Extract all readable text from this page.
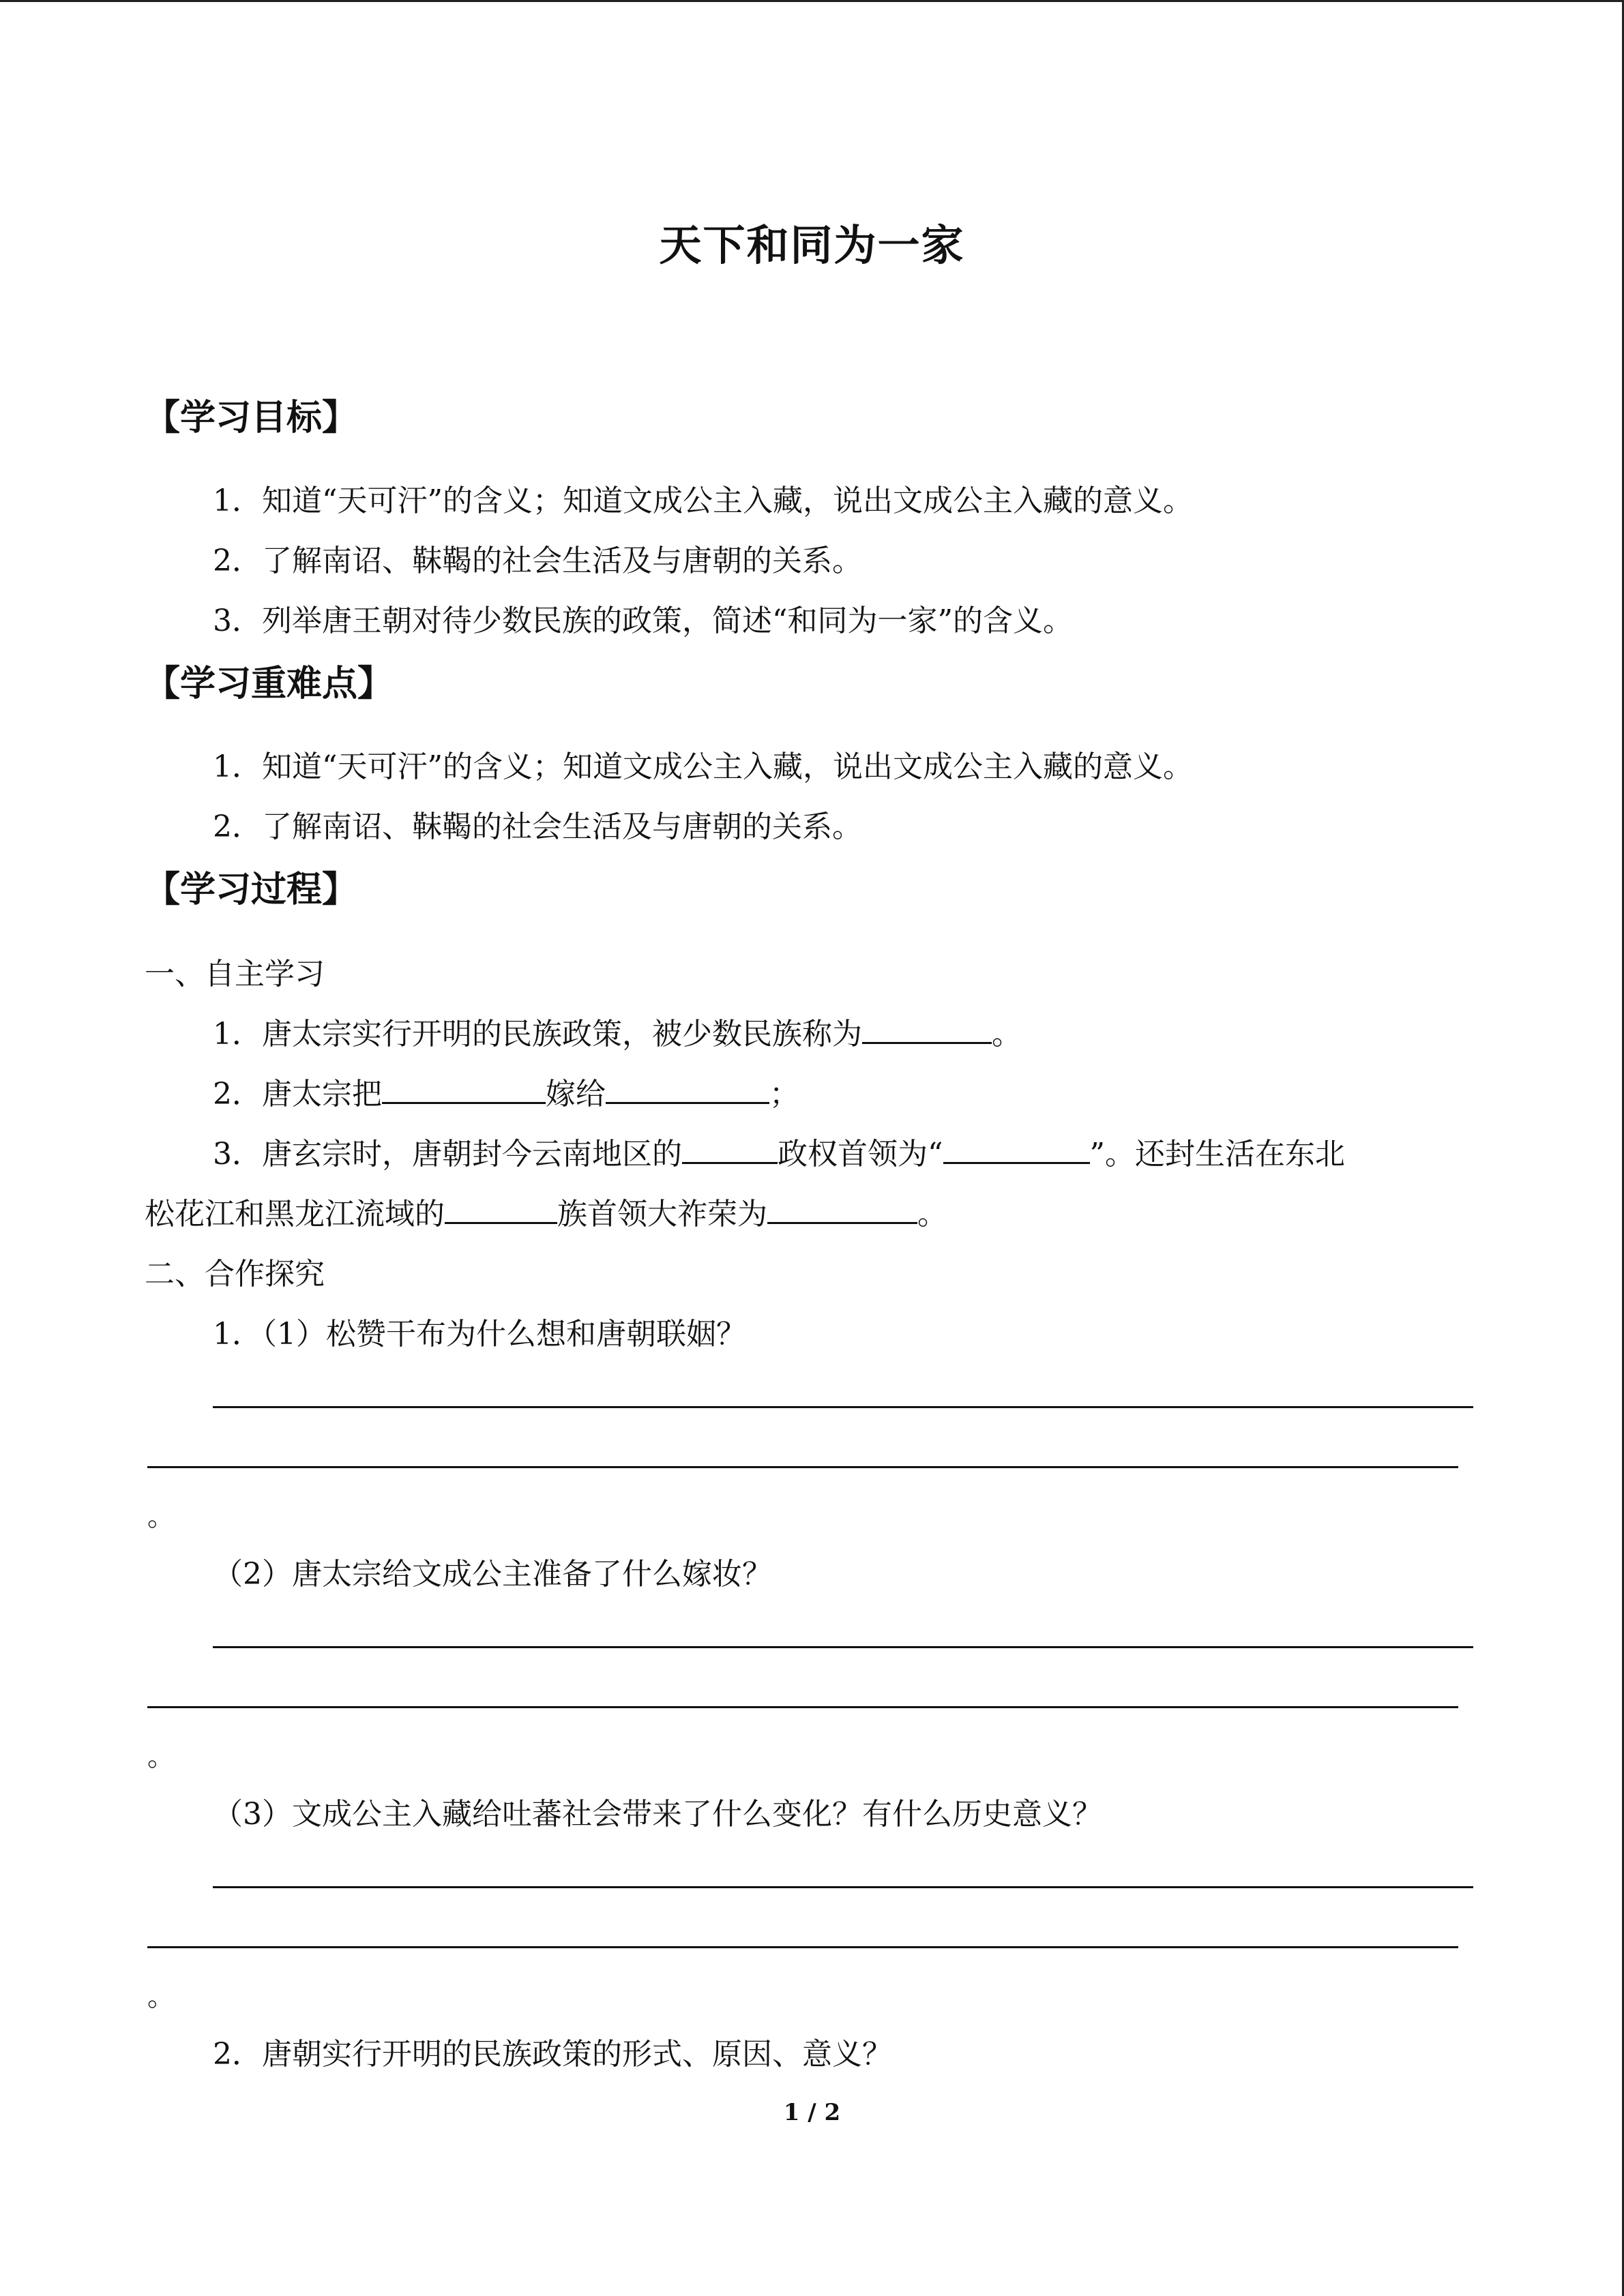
天下和同为一家
【学习目标】
1．知道“天可汗”的含义；知道文成公主入藏，说出文成公主入藏的意义。
2．了解南诏、靺鞨的社会生活及与唐朝的关系。
3．列举唐王朝对待少数民族的政策，简述“和同为一家”的含义。
【学习重难点】
1．知道“天可汗”的含义；知道文成公主入藏，说出文成公主入藏的意义。
2．了解南诏、靺鞨的社会生活及与唐朝的关系。
【学习过程】
一、自主学习
1．唐太宗实行开明的民族政策，被少数民族称为	。
2．唐太宗把	嫁给	；
3．唐玄宗时，唐朝封今云南地区的	政权首领为“	”。还封生活在东北
松花江和黑龙江流域的	族首领大祚荣为	。
二、合作探究
1．（1）松赞干布为什么想和唐朝联姻？
。
（2）唐太宗给文成公主准备了什么嫁妆？
。
（3）文成公主入藏给吐蕃社会带来了什么变化？有什么历史意义？
。
2．唐朝实行开明的民族政策的形式、原因、意义？
1 / 2
